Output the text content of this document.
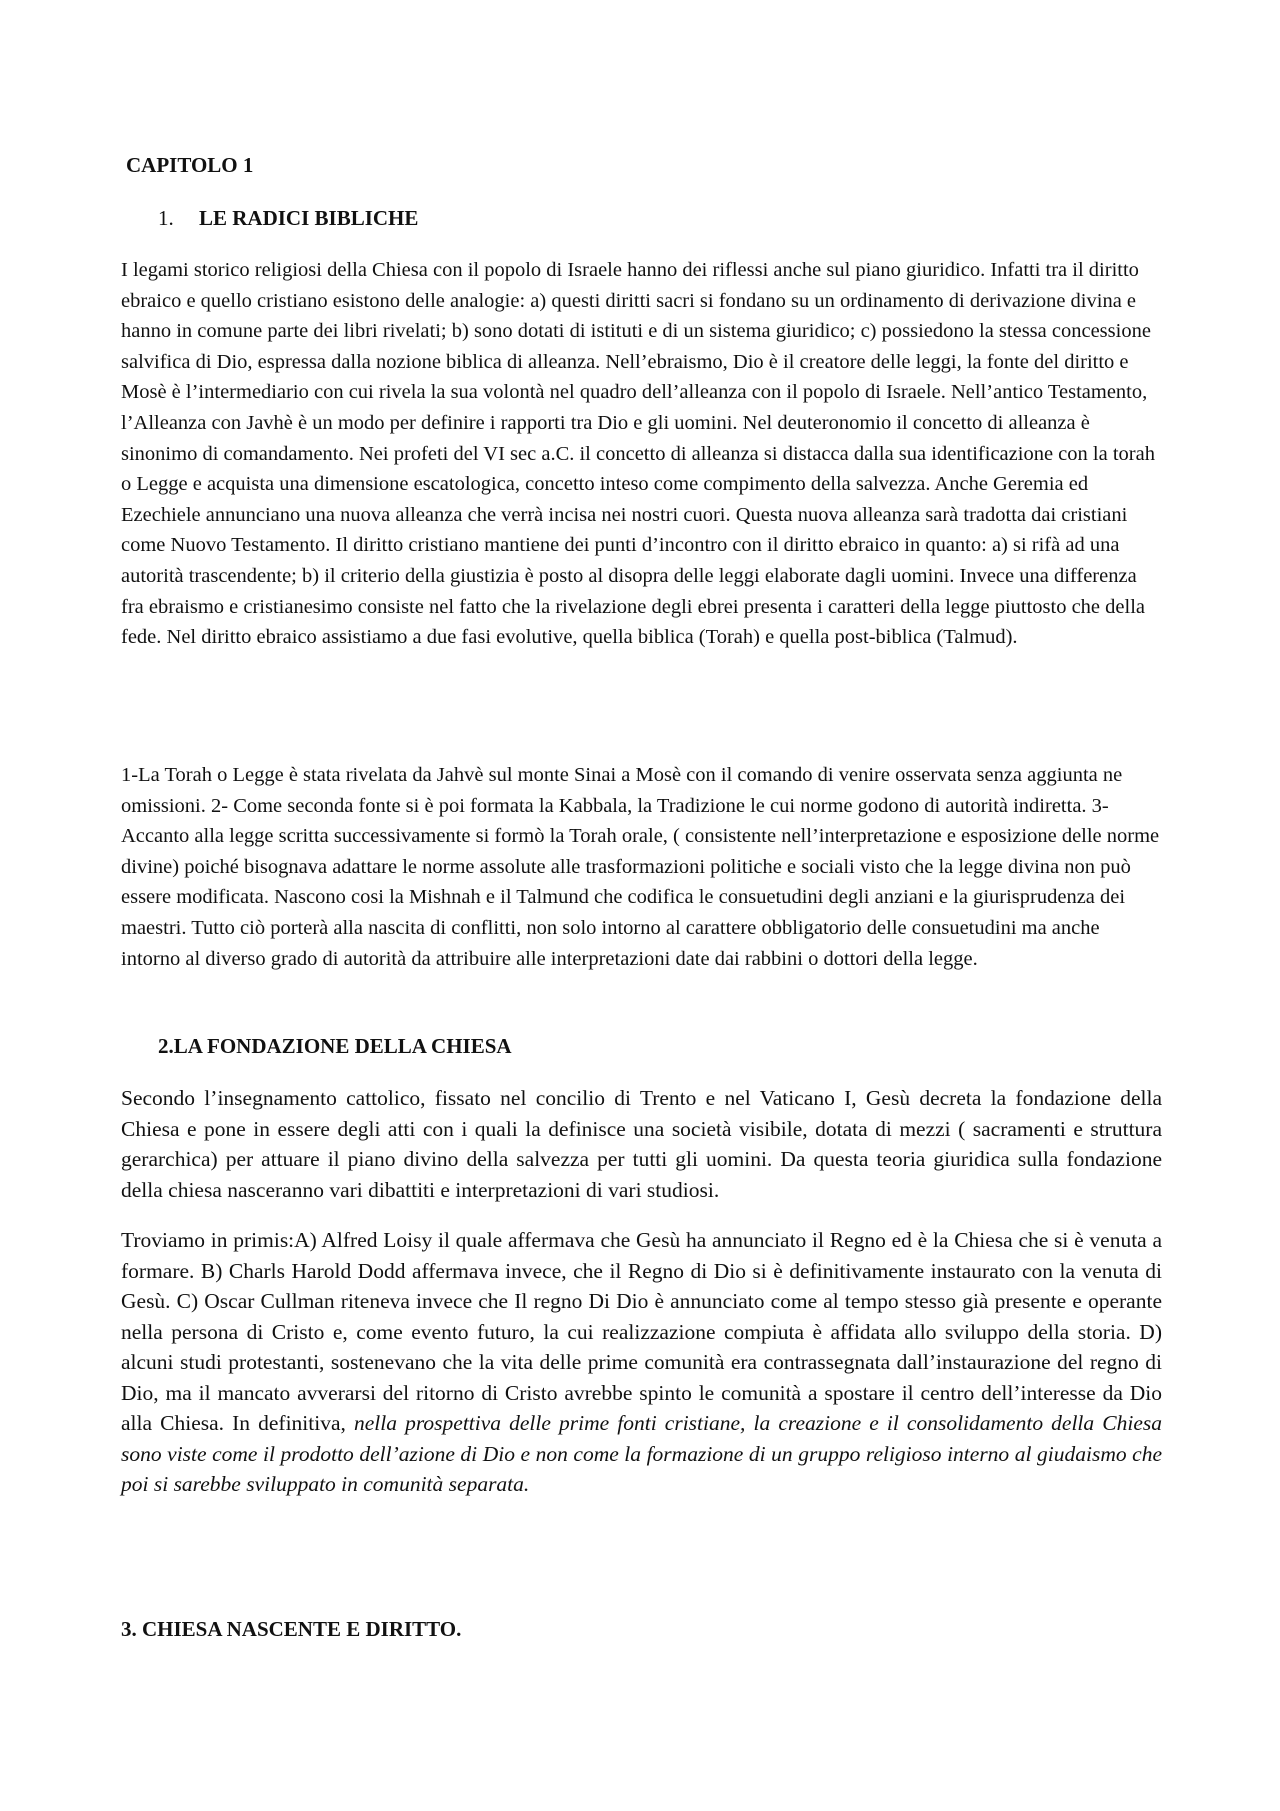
CAPITOLO 1
1. LE RADICI BIBLICHE

I legami storico religiosi della Chiesa con il popolo di Israele hanno dei riflessi anche sul piano giuridico. Infatti tra il diritto ebraico e quello cristiano esistono delle analogie: a) questi diritti sacri si fondano su un ordinamento di derivazione divina e hanno in comune parte dei libri rivelati; b) sono dotati di istituti e di un sistema giuridico; c) possiedono la stessa concessione salvifica di Dio, espressa dalla nozione biblica di alleanza. Nell’ebraismo, Dio è il creatore delle leggi, la fonte del diritto e Mosè è l’intermediario con cui rivela la sua volontà nel quadro dell’alleanza con il popolo di Israele. Nell’antico Testamento, l’Alleanza con Javhè è un modo per definire i rapporti tra Dio e gli uomini. Nel deuteronomio il concetto di alleanza è sinonimo di comandamento. Nei profeti del VI sec a.C. il concetto di alleanza si distacca dalla sua identificazione con la torah o Legge e acquista una dimensione escatologica, concetto inteso come compimento della salvezza. Anche Geremia ed Ezechiele annunciano una nuova alleanza che verrà incisa nei nostri cuori. Questa nuova alleanza sarà tradotta dai cristiani come Nuovo Testamento. Il diritto cristiano mantiene dei punti d’incontro con il diritto ebraico in quanto: a) si rifà ad una autorità trascendente; b) il criterio della giustizia è posto al disopra delle leggi elaborate dagli uomini. Invece una differenza fra ebraismo e cristianesimo consiste nel fatto che la rivelazione degli ebrei presenta i caratteri della legge piuttosto che della fede. Nel diritto ebraico assistiamo a due fasi evolutive, quella biblica (Torah) e quella post-biblica (Talmud).

1-La Torah o Legge è stata rivelata da Jahvè sul monte Sinai a Mosè con il comando di venire osservata senza aggiunta ne omissioni. 2- Come seconda fonte si è poi formata la Kabbala, la Tradizione le cui norme godono di autorità indiretta. 3- Accanto alla legge scritta successivamente si formò la Torah orale, ( consistente nell’interpretazione e esposizione delle norme divine) poiché bisognava adattare le norme assolute alle trasformazioni politiche e sociali visto che la legge divina non può essere modificata. Nascono cosi la Mishnah e il Talmund che codifica le consuetudini degli anziani e la giurisprudenza dei maestri. Tutto ciò porterà alla nascita di conflitti, non solo intorno al carattere obbligatorio delle consuetudini ma anche intorno al diverso grado di autorità da attribuire alle interpretazioni date dai rabbini o dottori della legge.

2.LA FONDAZIONE DELLA CHIESA

Secondo l’insegnamento cattolico, fissato nel concilio di Trento e nel Vaticano I, Gesù decreta la fondazione della Chiesa e pone in essere degli atti con i quali la definisce una società visibile, dotata di mezzi ( sacramenti e struttura gerarchica) per attuare il piano divino della salvezza per tutti gli uomini. Da questa teoria giuridica sulla fondazione della chiesa nasceranno vari dibattiti e interpretazioni di vari studiosi.

Troviamo in primis:A) Alfred Loisy il quale affermava che Gesù ha annunciato il Regno ed è la Chiesa che si è venuta a formare. B) Charls Harold Dodd affermava invece, che il Regno di Dio si è definitivamente instaurato con la venuta di Gesù. C) Oscar Cullman riteneva invece che Il regno Di Dio è annunciato come al tempo stesso già presente e operante nella persona di Cristo e, come evento futuro, la cui realizzazione compiuta è affidata allo sviluppo della storia. D) alcuni studi protestanti, sostenevano che la vita delle prime comunità era contrassegnata dall’instaurazione del regno di Dio, ma il mancato avverarsi del ritorno di Cristo avrebbe spinto le comunità a spostare il centro dell’interesse da Dio alla Chiesa. In definitiva, nella prospettiva delle prime fonti cristiane, la creazione e il consolidamento della Chiesa sono viste come il prodotto dell’azione di Dio e non come la formazione di un gruppo religioso interno al giudaismo che poi si sarebbe sviluppato in comunità separata.

3. CHIESA NASCENTE E DIRITTO.
